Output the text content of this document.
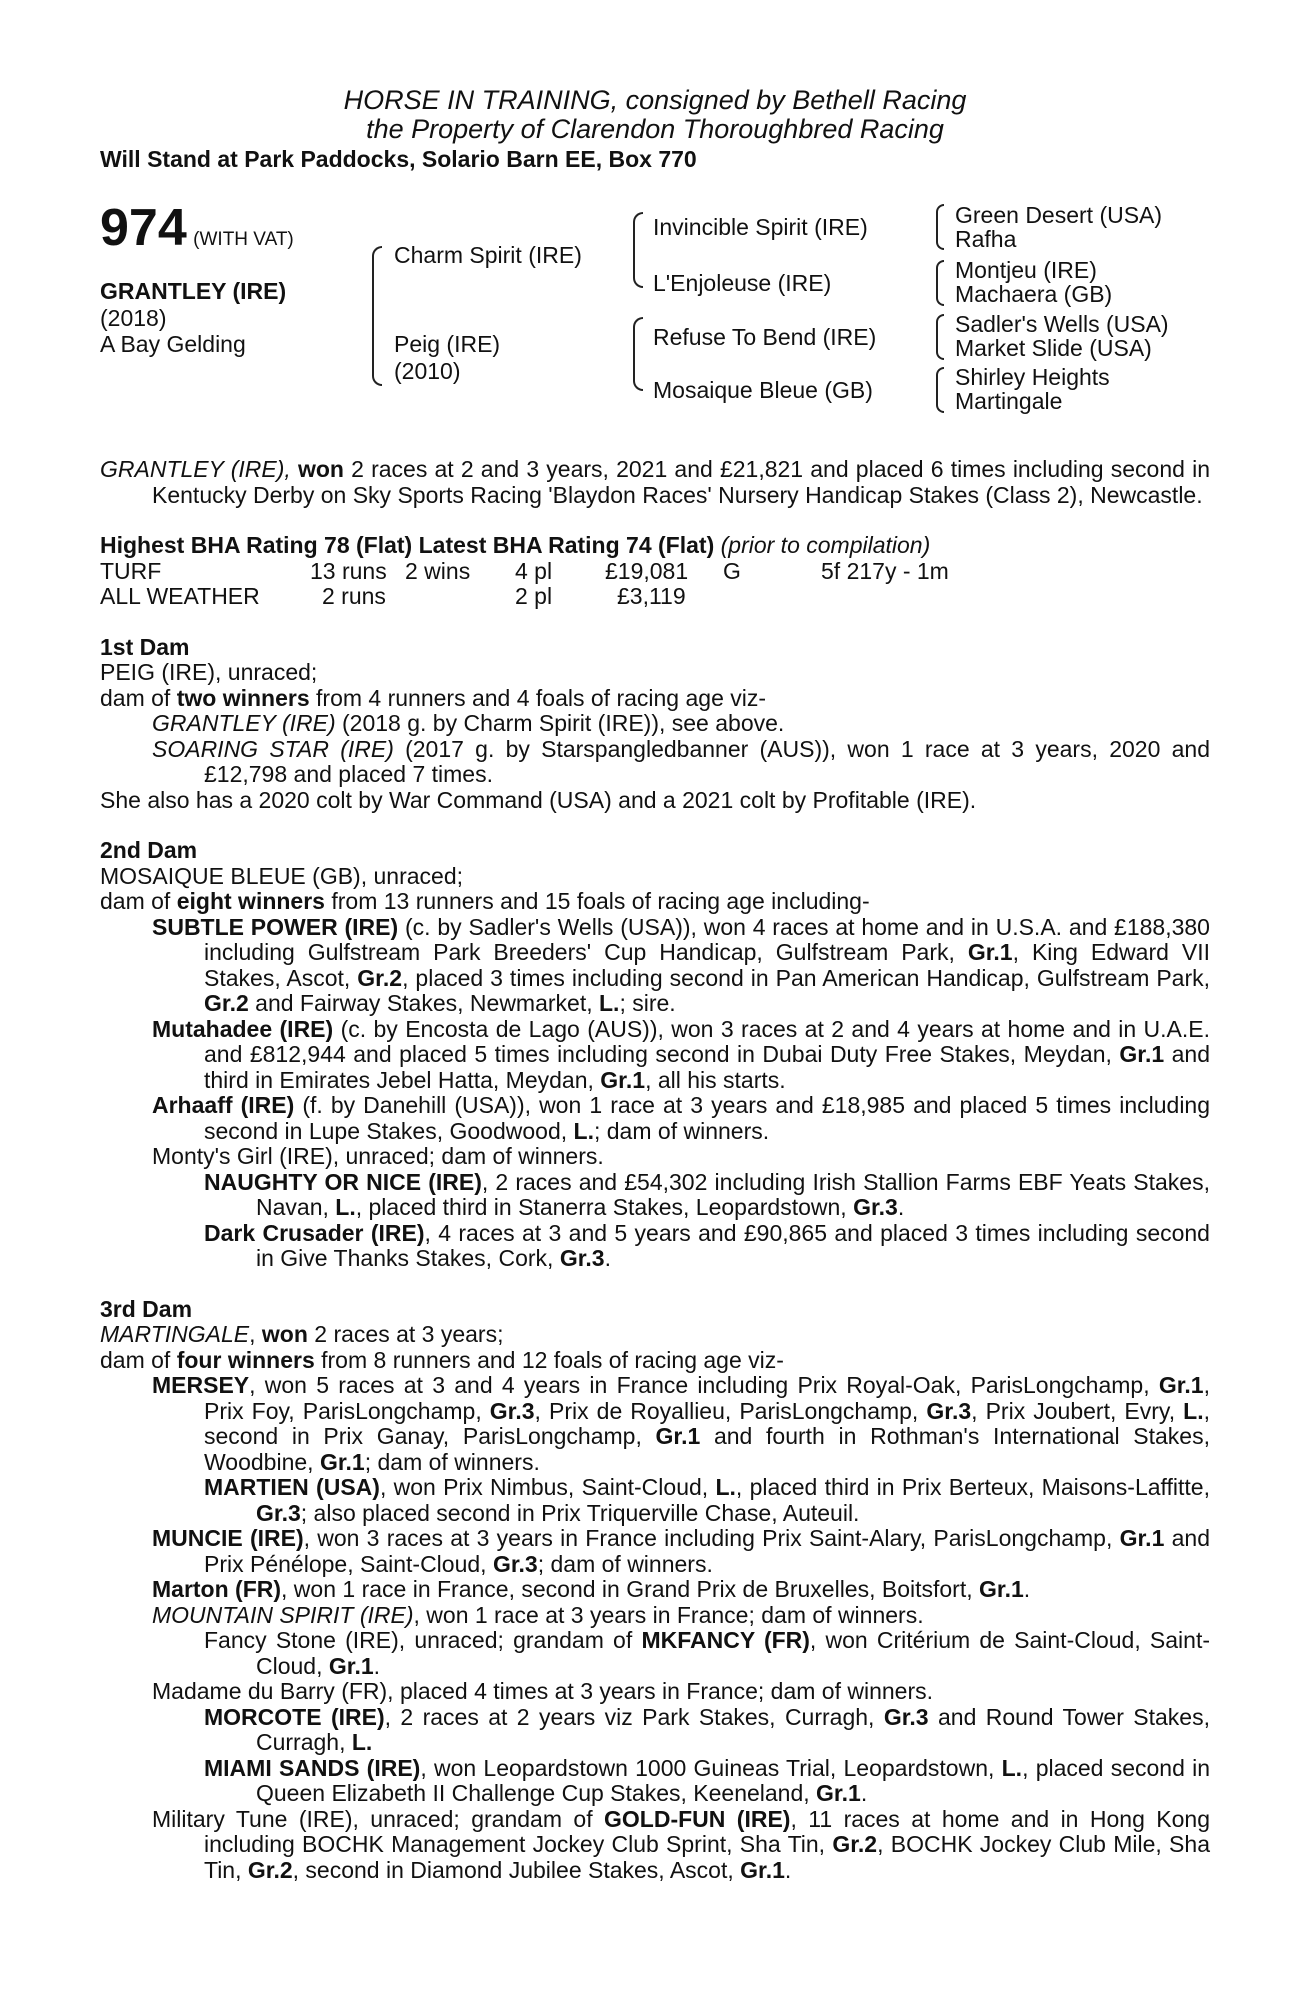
HORSE IN TRAINING, consigned by Bethell Racing

the Property of Clarendon Thoroughbred Racing

Will Stand at Park Paddocks, Solario Barn EE, Box 770

974 (WITH VAT)
GRANTLEY (IRE)
(2018)
A Bay Gelding
Charm Spirit (IRE)
Peig (IRE)
(2010)
Invincible Spirit (IRE)
L'Enjoleuse (IRE)
Refuse To Bend (IRE)
Mosaique Bleue (GB)
Green Desert (USA)
Rafha
Montjeu (IRE)
Machaera (GB)
Sadler's Wells (USA)
Market Slide (USA)
Shirley Heights
Martingale

GRANTLEY (IRE), won 2 races at 2 and 3 years, 2021 and £21,821 and placed 6 times including second in Kentucky Derby on Sky Sports Racing 'Blaydon Races' Nursery Handicap Stakes (Class 2), Newcastle.

Highest BHA Rating 78 (Flat) Latest BHA Rating 74 (Flat) (prior to compilation)

TURF	13 runs 2 wins	4 pl	£19,081	G	5f 217y - 1m
ALL WEATHER	2 runs	2 pl	£3,119

1st Dam

PEIG (IRE), unraced;

dam of two winners from 4 runners and 4 foals of racing age viz-

GRANTLEY (IRE) (2018 g. by Charm Spirit (IRE)), see above.

SOARING STAR (IRE) (2017 g. by Starspangledbanner (AUS)), won 1 race at 3 years, 2020 and £12,798 and placed 7 times.

She also has a 2020 colt by War Command (USA) and a 2021 colt by Profitable (IRE).

2nd Dam

MOSAIQUE BLEUE (GB), unraced;

dam of eight winners from 13 runners and 15 foals of racing age including-

SUBTLE POWER (IRE) (c. by Sadler's Wells (USA)), won 4 races at home and in U.S.A. and £188,380 including Gulfstream Park Breeders' Cup Handicap, Gulfstream Park, Gr.1, King Edward VII Stakes, Ascot, Gr.2, placed 3 times including second in Pan American Handicap, Gulfstream Park, Gr.2 and Fairway Stakes, Newmarket, L.; sire.

Mutahadee (IRE) (c. by Encosta de Lago (AUS)), won 3 races at 2 and 4 years at home and in U.A.E. and £812,944 and placed 5 times including second in Dubai Duty Free Stakes, Meydan, Gr.1 and third in Emirates Jebel Hatta, Meydan, Gr.1, all his starts.

Arhaaff (IRE) (f. by Danehill (USA)), won 1 race at 3 years and £18,985 and placed 5 times including second in Lupe Stakes, Goodwood, L.; dam of winners.

Monty's Girl (IRE), unraced; dam of winners.

NAUGHTY OR NICE (IRE), 2 races and £54,302 including Irish Stallion Farms EBF Yeats Stakes, Navan, L., placed third in Stanerra Stakes, Leopardstown, Gr.3.

Dark Crusader (IRE), 4 races at 3 and 5 years and £90,865 and placed 3 times including second in Give Thanks Stakes, Cork, Gr.3.

3rd Dam

MARTINGALE, won 2 races at 3 years;

dam of four winners from 8 runners and 12 foals of racing age viz-

MERSEY, won 5 races at 3 and 4 years in France including Prix Royal-Oak, ParisLongchamp, Gr.1, Prix Foy, ParisLongchamp, Gr.3, Prix de Royallieu, ParisLongchamp, Gr.3, Prix Joubert, Evry, L., second in Prix Ganay, ParisLongchamp, Gr.1 and fourth in Rothman's International Stakes, Woodbine, Gr.1; dam of winners.

MARTIEN (USA), won Prix Nimbus, Saint-Cloud, L., placed third in Prix Berteux, Maisons-Laffitte, Gr.3; also placed second in Prix Triquerville Chase, Auteuil.

MUNCIE (IRE), won 3 races at 3 years in France including Prix Saint-Alary, ParisLongchamp, Gr.1 and Prix Pénélope, Saint-Cloud, Gr.3; dam of winners.

Marton (FR), won 1 race in France, second in Grand Prix de Bruxelles, Boitsfort, Gr.1.

MOUNTAIN SPIRIT (IRE), won 1 race at 3 years in France; dam of winners.

Fancy Stone (IRE), unraced; grandam of MKFANCY (FR), won Critérium de Saint-Cloud, Saint-Cloud, Gr.1.

Madame du Barry (FR), placed 4 times at 3 years in France; dam of winners.

MORCOTE (IRE), 2 races at 2 years viz Park Stakes, Curragh, Gr.3 and Round Tower Stakes, Curragh, L.

MIAMI SANDS (IRE), won Leopardstown 1000 Guineas Trial, Leopardstown, L., placed second in Queen Elizabeth II Challenge Cup Stakes, Keeneland, Gr.1.

Military Tune (IRE), unraced; grandam of GOLD-FUN (IRE), 11 races at home and in Hong Kong including BOCHK Management Jockey Club Sprint, Sha Tin, Gr.2, BOCHK Jockey Club Mile, Sha Tin, Gr.2, second in Diamond Jubilee Stakes, Ascot, Gr.1.
